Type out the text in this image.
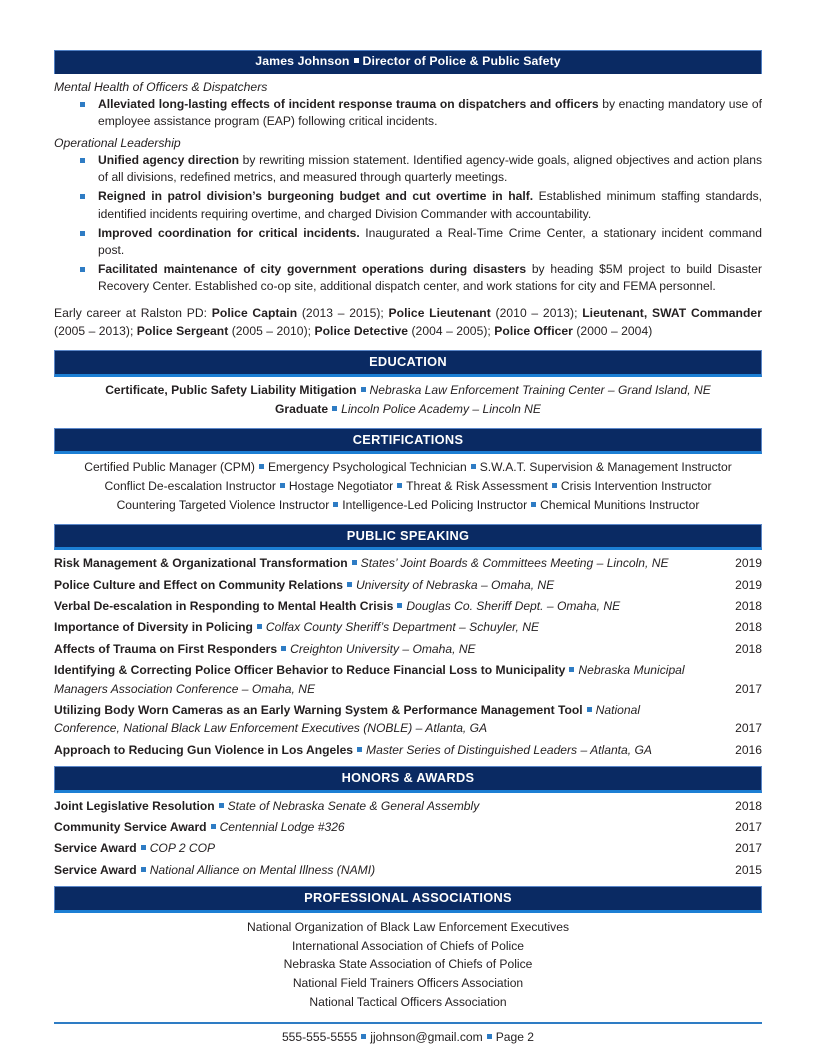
James Johnson Director of Police & Public Safety
Mental Health of Officers & Dispatchers
Alleviated long-lasting effects of incident response trauma on dispatchers and officers by enacting mandatory use of employee assistance program (EAP) following critical incidents.
Operational Leadership
Unified agency direction by rewriting mission statement. Identified agency-wide goals, aligned objectives and action plans of all divisions, redefined metrics, and measured through quarterly meetings.
Reigned in patrol division’s burgeoning budget and cut overtime in half. Established minimum staffing standards, identified incidents requiring overtime, and charged Division Commander with accountability.
Improved coordination for critical incidents. Inaugurated a Real-Time Crime Center, a stationary incident command post.
Facilitated maintenance of city government operations during disasters by heading $5M project to build Disaster Recovery Center. Established co-op site, additional dispatch center, and work stations for city and FEMA personnel.
Early career at Ralston PD: Police Captain (2013 – 2015); Police Lieutenant (2010 – 2013); Lieutenant, SWAT Commander (2005 – 2013); Police Sergeant (2005 – 2010); Police Detective (2004 – 2005); Police Officer (2000 – 2004)
EDUCATION
Certificate, Public Safety Liability Mitigation Nebraska Law Enforcement Training Center – Grand Island, NE
Graduate Lincoln Police Academy – Lincoln NE
CERTIFICATIONS
Certified Public Manager (CPM) Emergency Psychological Technician S.W.A.T. Supervision & Management Instructor
Conflict De-escalation Instructor Hostage Negotiator Threat & Risk Assessment Crisis Intervention Instructor
Countering Targeted Violence Instructor Intelligence-Led Policing Instructor Chemical Munitions Instructor
PUBLIC SPEAKING
Risk Management & Organizational Transformation States’ Joint Boards & Committees Meeting – Lincoln, NE	2019
Police Culture and Effect on Community Relations University of Nebraska – Omaha, NE	2019
Verbal De-escalation in Responding to Mental Health Crisis Douglas Co. Sheriff Dept. – Omaha, NE	2018
Importance of Diversity in Policing Colfax County Sheriff’s Department – Schuyler, NE	2018
Affects of Trauma on First Responders Creighton University – Omaha, NE	2018
Identifying & Correcting Police Officer Behavior to Reduce Financial Loss to Municipality Nebraska Municipal Managers Association Conference – Omaha, NE	2017
Utilizing Body Worn Cameras as an Early Warning System & Performance Management Tool National Conference, National Black Law Enforcement Executives (NOBLE) – Atlanta, GA	2017
Approach to Reducing Gun Violence in Los Angeles Master Series of Distinguished Leaders – Atlanta, GA	2016
HONORS & AWARDS
Joint Legislative Resolution State of Nebraska Senate & General Assembly	2018
Community Service Award Centennial Lodge #326	2017
Service Award COP 2 COP	2017
Service Award National Alliance on Mental Illness (NAMI)	2015
PROFESSIONAL ASSOCIATIONS
National Organization of Black Law Enforcement Executives
International Association of Chiefs of Police
Nebraska State Association of Chiefs of Police
National Field Trainers Officers Association
National Tactical Officers Association
555-555-5555 jjohnson@gmail.com Page 2
